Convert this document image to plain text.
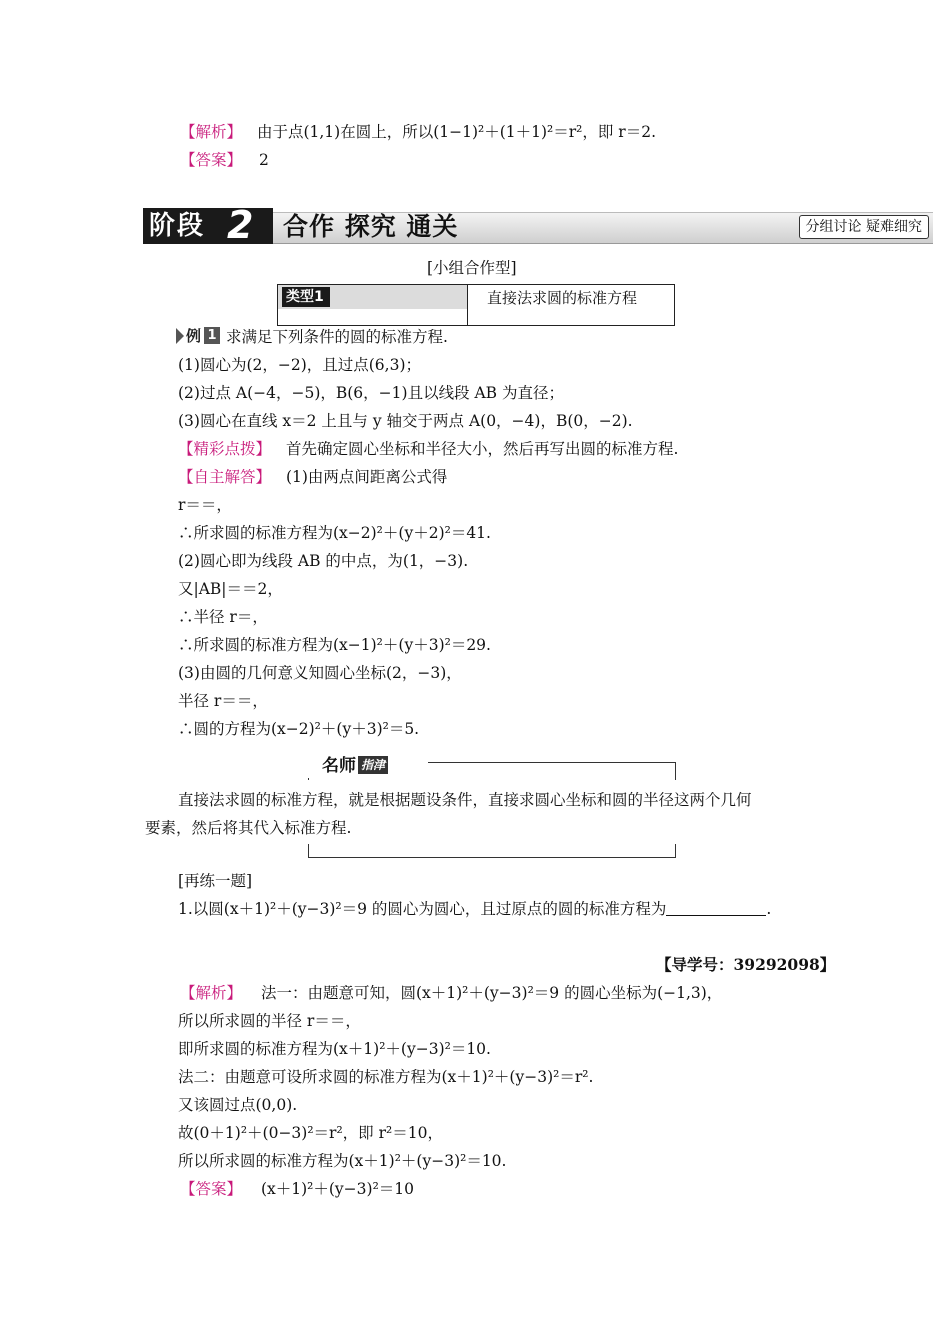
【解析】 由于点(1,1)在圆上，所以(1−1)²＋(1＋1)²＝r²，即 r＝2.
【答案】 2
阶段 2 合作 探究 通关	分组讨论 疑难细究
[小组合作型]
类型1	直接法求圆的标准方程
例 1 求满足下列条件的圆的标准方程.
(1)圆心为(2，−2)，且过点(6,3)；
(2)过点 A(−4，−5)，B(6，−1)且以线段 AB 为直径；
(3)圆心在直线 x＝2 上且与 y 轴交于两点 A(0，−4)，B(0，−2).
【精彩点拨】 首先确定圆心坐标和半径大小，然后再写出圆的标准方程.
【自主解答】 (1)由两点间距离公式得
r＝＝，
∴所求圆的标准方程为(x−2)²＋(y＋2)²＝41.
(2)圆心即为线段 AB 的中点，为(1，−3).
又|AB|＝＝2，
∴半径 r＝，
∴所求圆的标准方程为(x−1)²＋(y＋3)²＝29.
(3)由圆的几何意义知圆心坐标(2，−3)，
半径 r＝＝，
∴圆的方程为(x−2)²＋(y＋3)²＝5.
名师 指津
直接法求圆的标准方程，就是根据题设条件，直接求圆心坐标和圆的半径这两个几何
要素，然后将其代入标准方程.
[再练一题]
1.以圆(x＋1)²＋(y−3)²＝9 的圆心为圆心，且过原点的圆的标准方程为	.
【导学号：39292098】
【解析】 法一：由题意可知，圆(x＋1)²＋(y−3)²＝9 的圆心坐标为(−1,3)，
所以所求圆的半径 r＝＝，
即所求圆的标准方程为(x＋1)²＋(y−3)²＝10.
法二：由题意可设所求圆的标准方程为(x＋1)²＋(y−3)²＝r².
又该圆过点(0,0).
故(0＋1)²＋(0−3)²＝r²，即 r²＝10，
所以所求圆的标准方程为(x＋1)²＋(y−3)²＝10.
【答案】 (x＋1)²＋(y−3)²＝10
